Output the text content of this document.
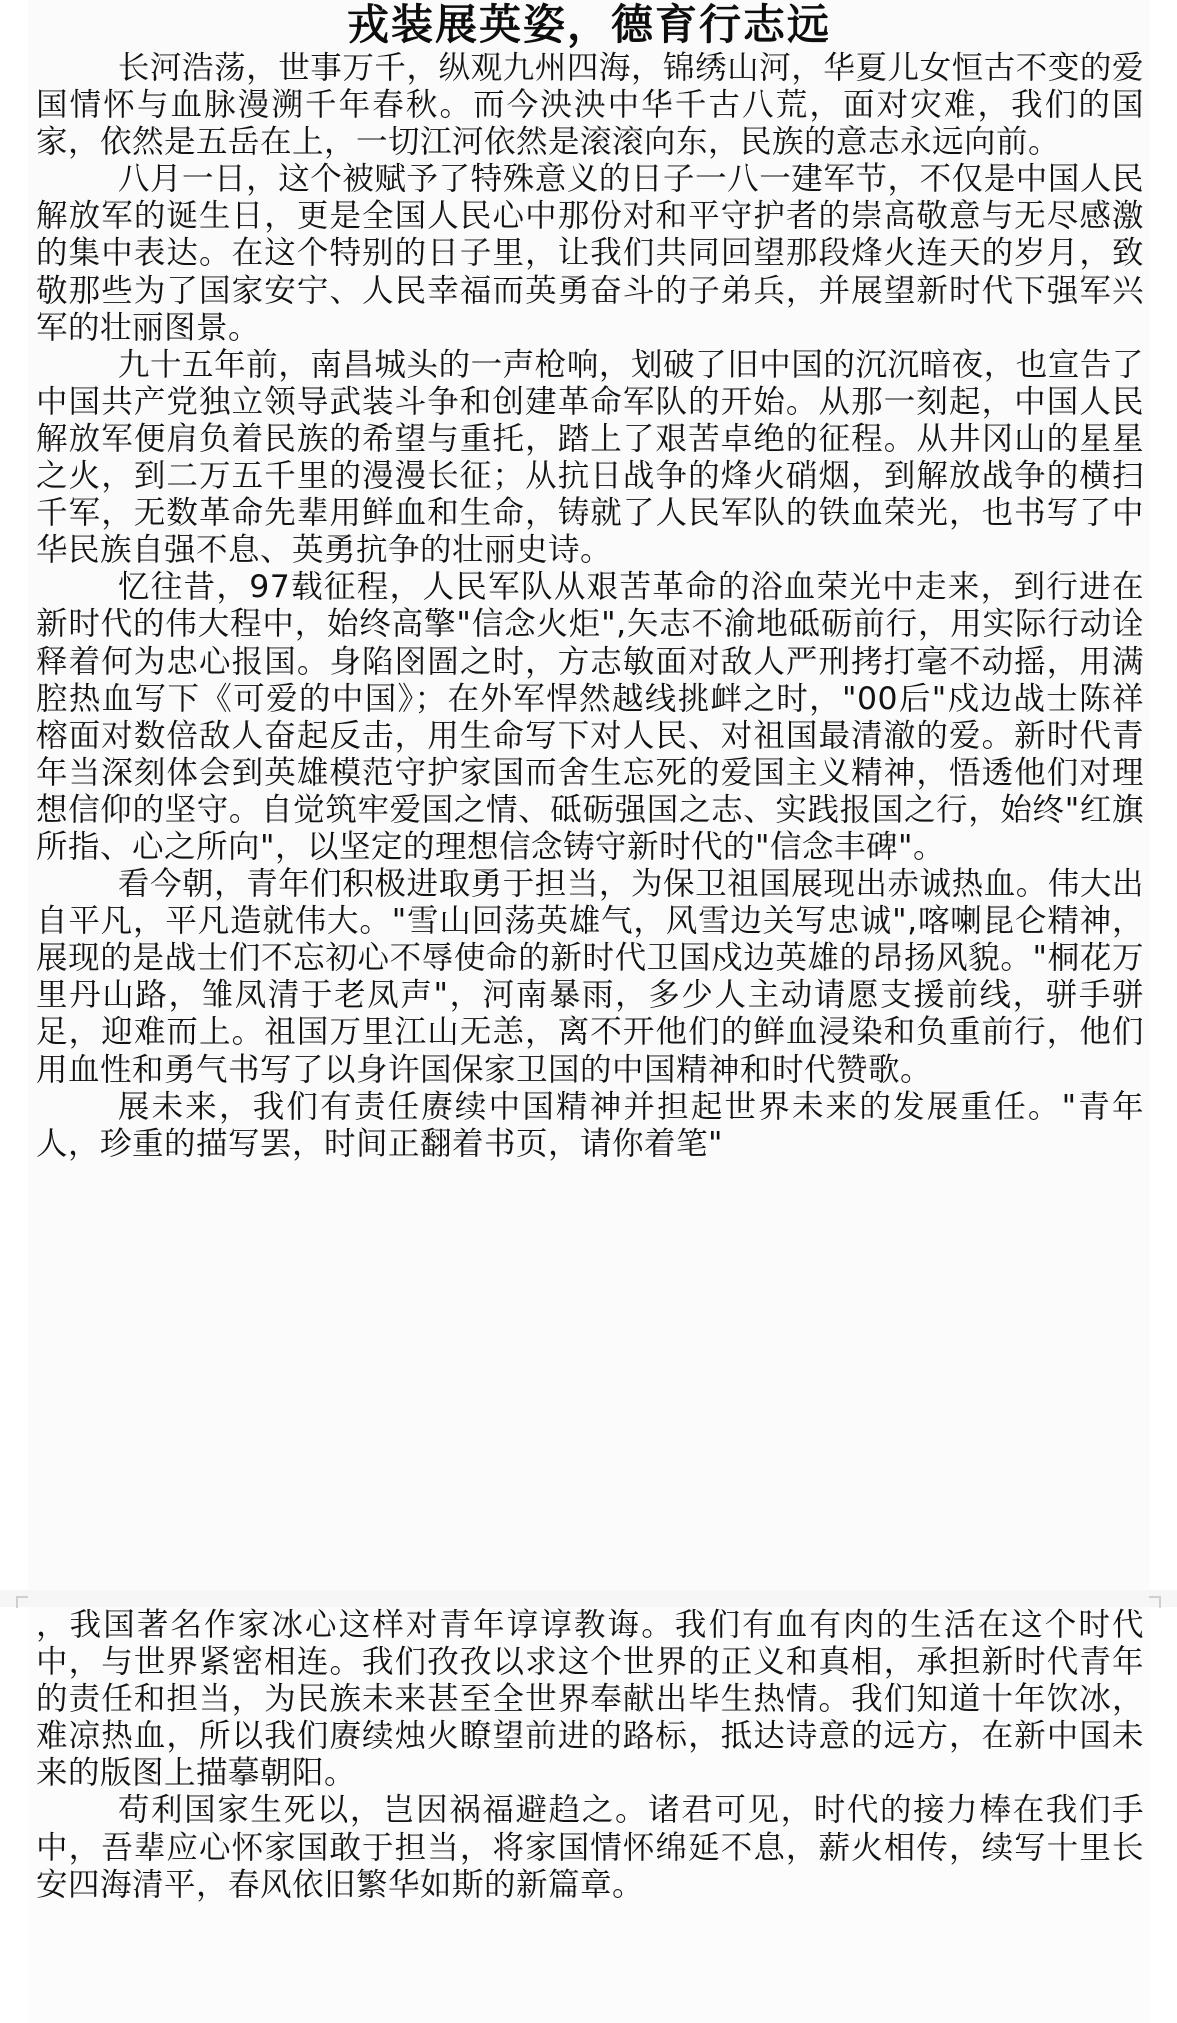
戎装展英姿，德育行志远

长河浩荡，世事万千，纵观九州四海，锦绣山河，华夏儿女恒古不变的爱国情怀与血脉漫溯千年春秋。而今泱泱中华千古八荒，面对灾难，我们的国家，依然是五岳在上，一切江河依然是滚滚向东，民族的意志永远向前。

八月一日，这个被赋予了特殊意义的日子一八一建军节，不仅是中国人民解放军的诞生日，更是全国人民心中那份对和平守护者的崇高敬意与无尽感激的集中表达。在这个特别的日子里，让我们共同回望那段烽火连天的岁月，致敬那些为了国家安宁、人民幸福而英勇奋斗的子弟兵，并展望新时代下强军兴军的壮丽图景。

九十五年前，南昌城头的一声枪响，划破了旧中国的沉沉暗夜，也宣告了中国共产党独立领导武装斗争和创建革命军队的开始。从那一刻起，中国人民解放军便肩负着民族的希望与重托，踏上了艰苦卓绝的征程。从井冈山的星星之火，到二万五千里的漫漫长征；从抗日战争的烽火硝烟，到解放战争的横扫千军，无数革命先辈用鲜血和生命，铸就了人民军队的铁血荣光，也书写了中华民族自强不息、英勇抗争的壮丽史诗。

忆往昔，97载征程，人民军队从艰苦革命的浴血荣光中走来，到行进在新时代的伟大程中，始终高擎"信念火炬",矢志不渝地砥砺前行，用实际行动诠释着何为忠心报国。身陷囹圄之时，方志敏面对敌人严刑拷打毫不动摇，用满腔热血写下《可爱的中国》；在外军悍然越线挑衅之时，"00后"戍边战士陈祥榕面对数倍敌人奋起反击，用生命写下对人民、对祖国最清澈的爱。新时代青年当深刻体会到英雄模范守护家国而舍生忘死的爱国主义精神，悟透他们对理想信仰的坚守。自觉筑牢爱国之情、砥砺强国之志、实践报国之行，始终"红旗所指、心之所向"，以坚定的理想信念铸守新时代的"信念丰碑"。

看今朝，青年们积极进取勇于担当，为保卫祖国展现出赤诚热血。伟大出自平凡，平凡造就伟大。"雪山回荡英雄气，风雪边关写忠诚",喀喇昆仑精神，展现的是战士们不忘初心不辱使命的新时代卫国戍边英雄的昂扬风貌。"桐花万里丹山路，雏凤清于老凤声"，河南暴雨，多少人主动请愿支援前线，骈手骈足，迎难而上。祖国万里江山无恙，离不开他们的鲜血浸染和负重前行，他们用血性和勇气书写了以身许国保家卫国的中国精神和时代赞歌。

展未来，我们有责任赓续中国精神并担起世界未来的发展重任。"青年人，珍重的描写罢，时间正翻着书页，请你着笔"

，我国著名作家冰心这样对青年谆谆教诲。我们有血有肉的生活在这个时代中，与世界紧密相连。我们孜孜以求这个世界的正义和真相，承担新时代青年的责任和担当，为民族未来甚至全世界奉献出毕生热情。我们知道十年饮冰，难凉热血，所以我们赓续烛火瞭望前进的路标，抵达诗意的远方，在新中国未来的版图上描摹朝阳。

苟利国家生死以，岂因祸福避趋之。诸君可见，时代的接力棒在我们手中，吾辈应心怀家国敢于担当，将家国情怀绵延不息，薪火相传，续写十里长安四海清平，春风依旧繁华如斯的新篇章。
